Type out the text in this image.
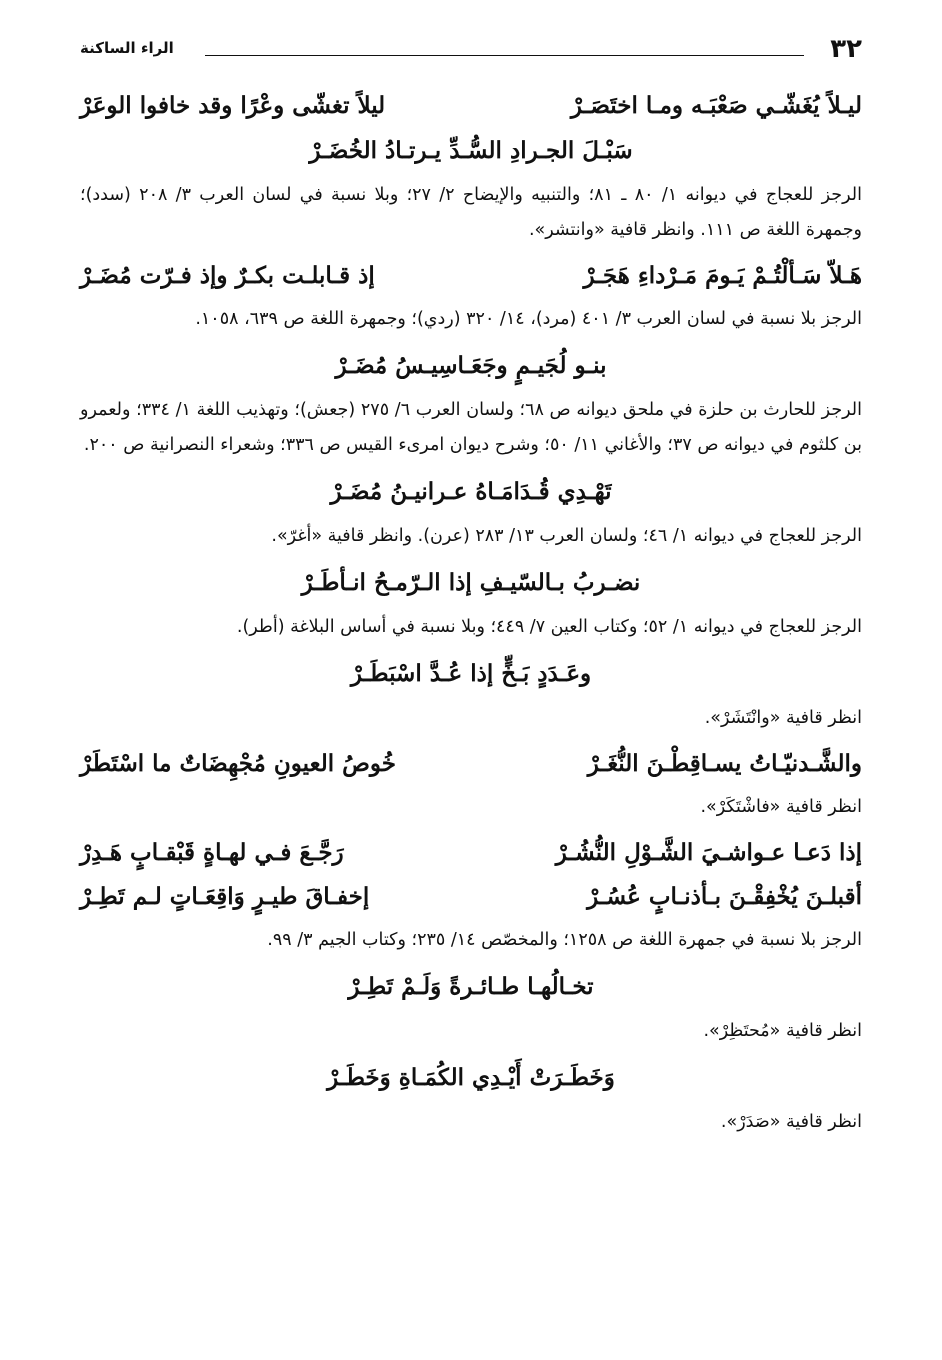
٣٢
الراء الساكنة
ليـلاً يُغَشّـي صَعْبَـه ومـا اختَصَـرْ
ليلاً تغشّى وعْرًا وقد خافوا الوعَرْ
سَبْـلَ الجـرادِ السُّـدِّ يـرتـادُ الخُضَـرْ
الرجز للعجاج في ديوانه ١/ ٨٠ ـ ٨١؛ والتنبيه والإيضاح ٢/ ٢٧؛ وبلا نسبة في لسان العرب ٣/ ٢٠٨ (سدد)؛ وجمهرة اللغة ص ١١١. وانظر قافية «وانتشر».
هَـلاّ سَـألْتُـمْ يَـومَ مَـرْداءِ هَجَـرْ
إذ قـابلـت بكـرٌ وإذ فـرّت مُضَـرْ
الرجز بلا نسبة في لسان العرب ٣/ ٤٠١ (مرد)، ١٤/ ٣٢٠ (ردي)؛ وجمهرة اللغة ص ٦٣٩، ١٠٥٨.
بنـو لُجَيـمٍ وجَعَـاسِيـسُ مُضَـرْ
الرجز للحارث بن حلزة في ملحق ديوانه ص ٦٨؛ ولسان العرب ٦/ ٢٧٥ (جعش)؛ وتهذيب اللغة ١/ ٣٣٤؛ ولعمرو بن كلثوم في ديوانه ص ٣٧؛ والأغاني ١١/ ٥٠؛ وشرح ديوان امرىء القيس ص ٣٣٦؛ وشعراء النصرانية ص ٢٠٠.
تَهْـدِي قُـدَامَـاهُ عـرانيـنُ مُضَـرْ
الرجز للعجاج في ديوانه ١/ ٤٦؛ ولسان العرب ١٣/ ٢٨٣ (عرن). وانظر قافية «أغرّ».
نضـربُ بـالسّيـفِ إذا الـرّمـحُ انـأطَـرْ
الرجز للعجاج في ديوانه ١/ ٥٢؛ وكتاب العين ٧/ ٤٤٩؛ وبلا نسبة في أساس البلاغة (أطر).
وعَـدَدٍ بَـخٍّ إذا عُـدَّ اسْبَطَـرْ
انظر قافية «وانْتَشَرْ».
والشَّـدنيّـاتُ يسـاقِطْـنَ النُّغَـرْ
خُوصُ العيونِ مُجْهِضَاتٌ ما اسْتَطَرْ
انظر قافية «فاشْتَكَرْ».
إذا دَعـا عـواشـيَ الشَّـوْلِ النُّشُـرْ
رَجَّـعَ فـي لهـاةٍ قَبْقـابٍ هَـدِرْ
أقبلـنَ يُخْفِقْـنَ بـأذنـابٍ عُسُـرْ
إخفـاقَ طيـرٍ وَاقِعَـاتٍ لـم تَطِـرْ
الرجز بلا نسبة في جمهرة اللغة ص ١٢٥٨؛ والمخصّص ١٤/ ٢٣٥؛ وكتاب الجيم ٣/ ٩٩.
تخـالُهـا طـائـرةً وَلَـمْ تَطِـرْ
انظر قافية «مُحتَظِرْ».
وَخَطَـرَتْ أَيْـدِي الكُمَـاةِ وَخَطَـرْ
انظر قافية «صَدَرْ».
